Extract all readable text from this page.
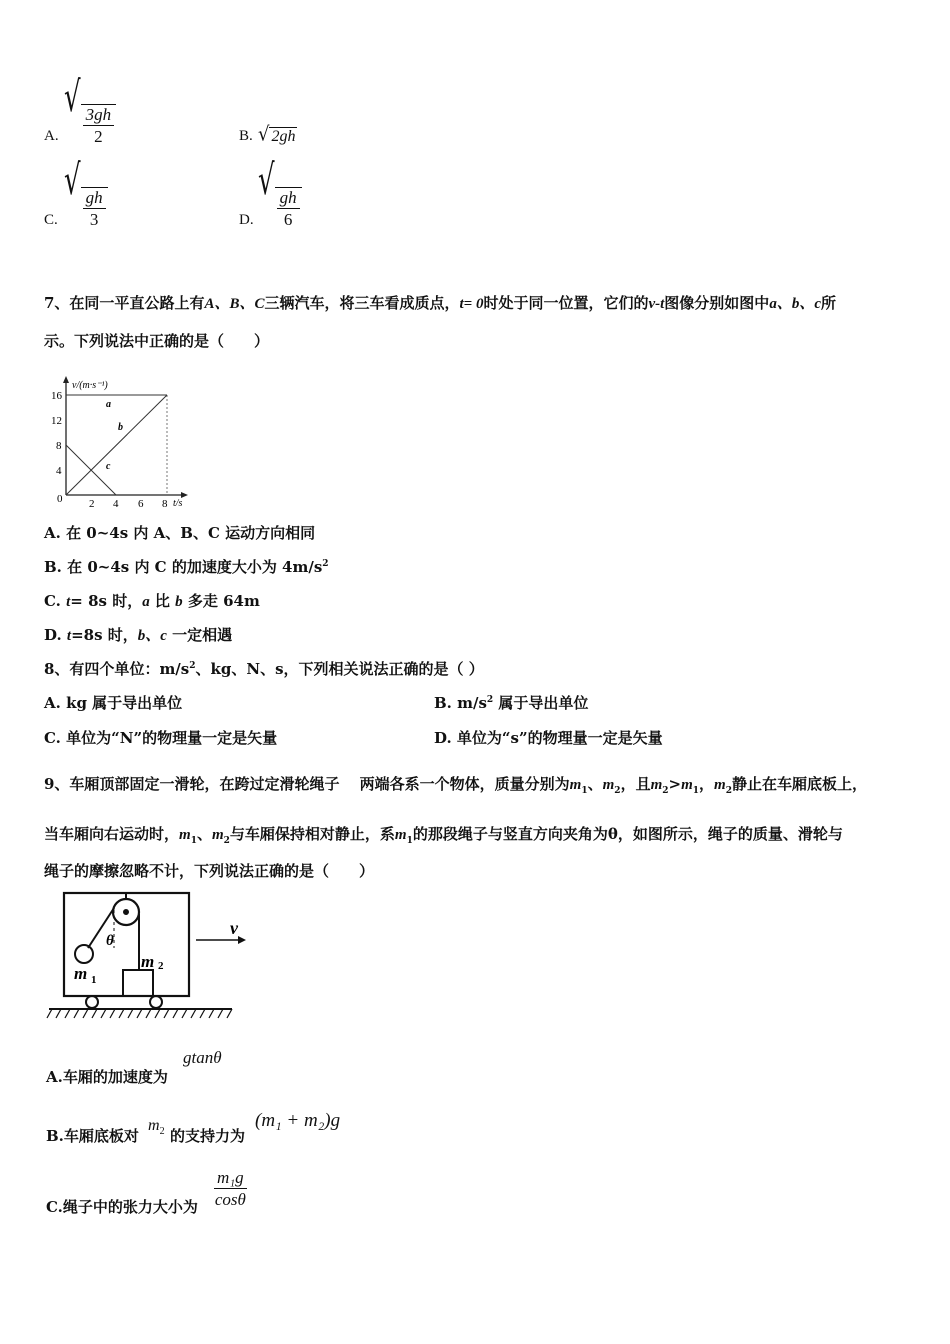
A.
√
$\frac{3gh}{2}$	B. √ 2gh
C.
√
$\frac{gh}{3}$	D.
√
$\frac{gh}{6}$
7、在同一平直公路上有A、B、C三辆汽车，将三车看成质点，t= 0时处于同一位置，它们的v-t图像分别如图中a、b、c所
示。下列说法中正确的是（　　）
v/(m·s⁻¹)
t/s
16
12
8
4
0 2 4 6 8
a
b
c
A. 在 0~4s 内 A、B、C 运动方向相同
B. 在 0~4s 内 C 的加速度大小为 $4m/s^2$
C. t= 8s 时，a 比 b 多走 64m
D. t=8s 时，b、c 一定相遇
8、有四个单位：$m/s^2$、kg、N、s，下列相关说法正确的是（ ）
A. kg 属于导出单位	B. $m/s^2$ 属于导出单位
C. 单位为“N”的物理量一定是矢量	D. 单位为“s”的物理量一定是矢量
9、车厢顶部固定一滑轮，在跨过定滑轮绳子　 两端各系一个物体，质量分别为$m_1$、$m_2$，且$m_2>m_1$，$m_2$静止在车厢底板上，
当车厢向右运动时，$m_1$、$m_2$与车厢保持相对静止，系$m_1$的那段绳子与竖直方向夹角为θ，如图所示，绳子的质量、滑轮与
绳子的摩擦忽略不计，下列说法正确的是（　　）
θ
m 1
m 2
v
A.车厢的加速度为
gtanθ
B.车厢底板对
$m_2$ 的支持力为
(m₁ + m₂)g
C.绳子中的张力大小为 $\frac{\text{m₁g}}{\cos\theta}$
